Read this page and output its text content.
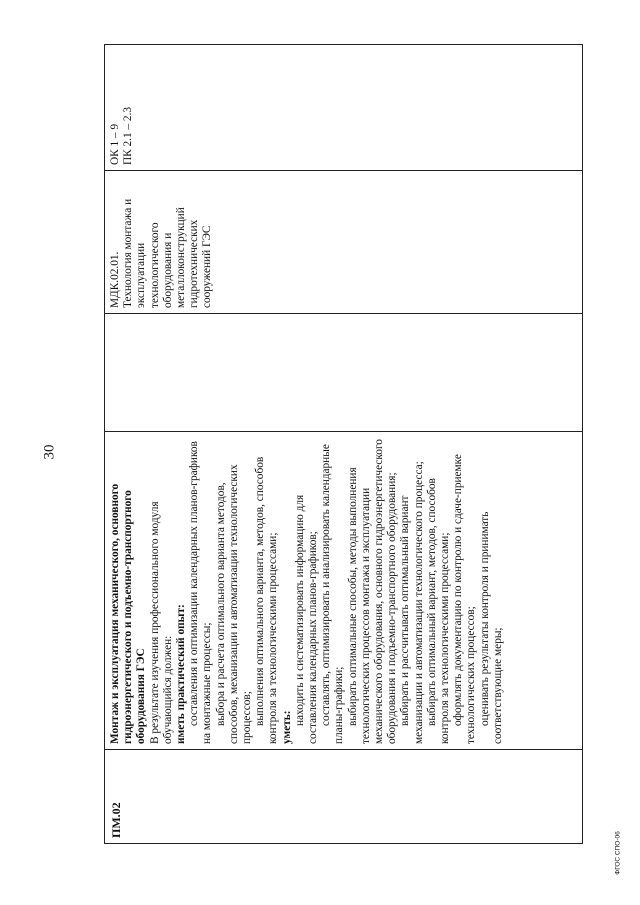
30
ПМ.02
Монтаж и эксплуатация механического, основного гидроэнергетического и подъемно-транспортного оборудования ГЭС В результате изучения профессионального модуля обучающийся должен: иметь практический опыт: составления и оптимизации календарных планов-графиков на монтажные процессы; выбора и расчета оптимального варианта методов, способов, механизации и автоматизации технологических процессов; выполнения оптимального варианта, методов, способов контроля за технологическими процессами; уметь:
находить и систематизировать информацию для составления календарных планов-графиков; составлять, оптимизировать и анализировать календарные планы-графики; выбирать оптимальные способы, методы выполнения технологических процессов монтажа и эксплуатации механического оборудования, основного гидроэнергетического оборудования и подъемно-транспортного оборудования; выбирать и рассчитывать оптимальный вариант механизации и автоматизации технологического процесса; выбирать оптимальный вариант, методов, способов контроля за технологическими процессами; оформлять документацию по контролю и сдаче-приемке технологических процессов; оценивать результаты контроля и принимать соответствующие меры;
МДК.02.01. Технология монтажа и эксплуатации технологического оборудования и металлоконструкций гидротехнических сооружений ГЭС
ОК 1 – 9 ПК 2.1 – 2.3
ФГОС СПО-06
